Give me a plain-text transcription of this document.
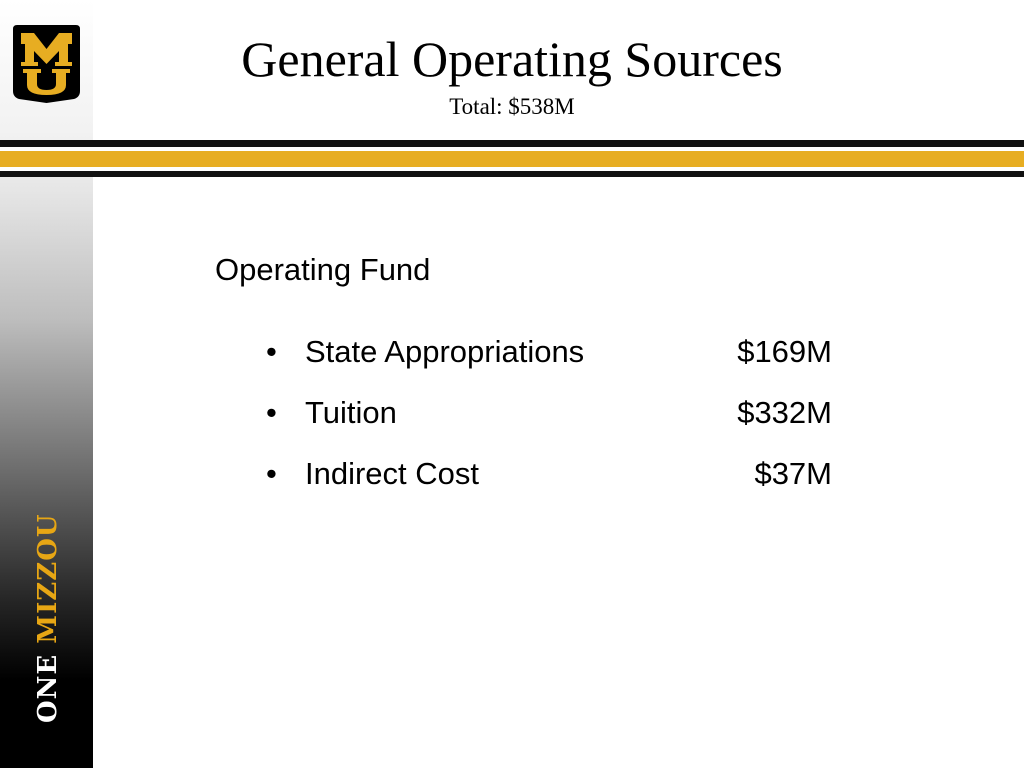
ONE MIZZOU
General Operating Sources
Total: $538M
Operating Fund
• State Appropriations	$169M
• Tuition	$332M
• Indirect Cost	$37M
